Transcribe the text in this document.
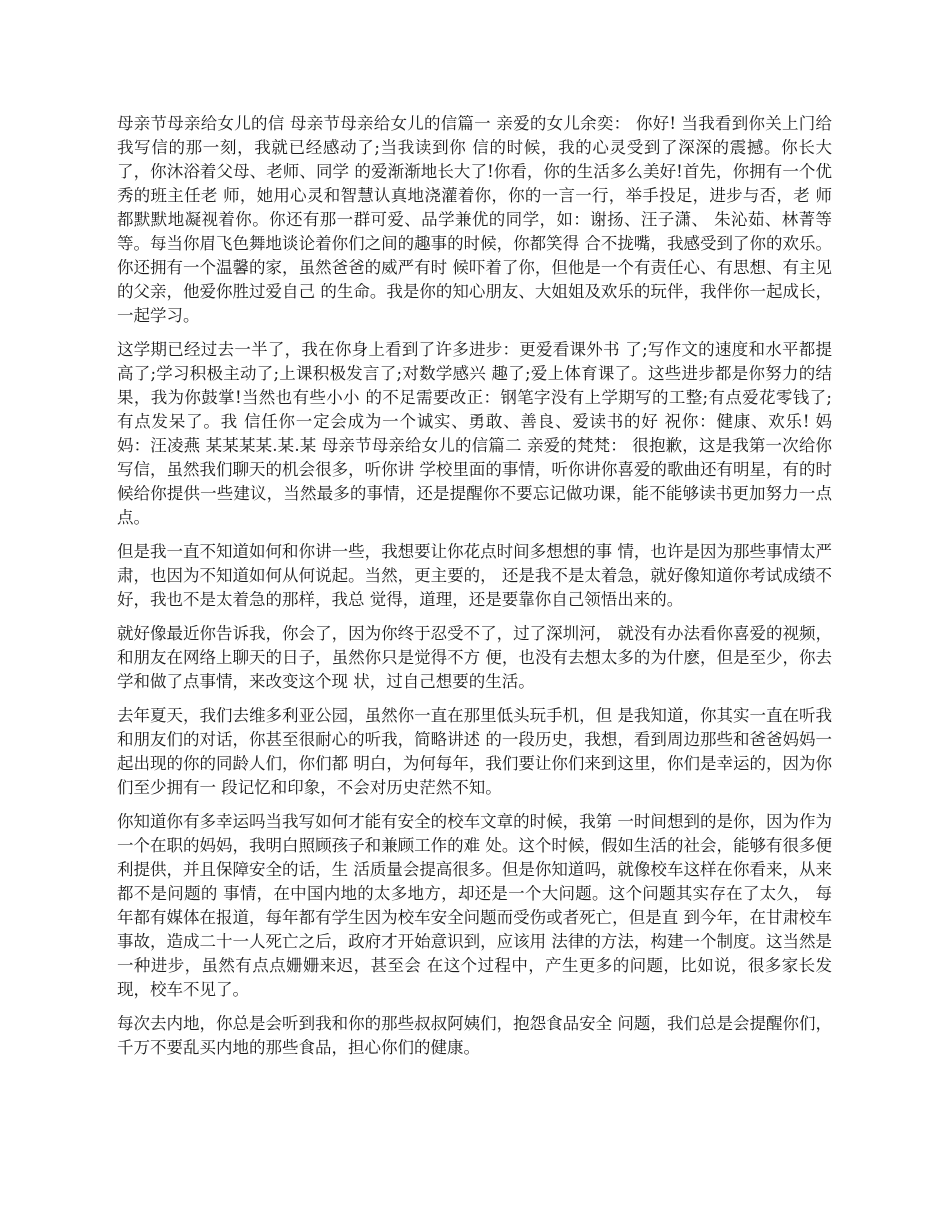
母亲节母亲给女儿的信 母亲节母亲给女儿的信篇一 亲爱的女儿余奕： 你好! 当我看到你关上门给我写信的那一刻，我就已经感动了;当我读到你 信的时候，我的心灵受到了深深的震撼。你长大了，你沐浴着父母、老师、同学 的爱渐渐地长大了!你看，你的生活多么美好!首先，你拥有一个优秀的班主任老 师，她用心灵和智慧认真地浇灌着你，你的一言一行，举手投足，进步与否，老 师都默默地凝视着你。你还有那一群可爱、品学兼优的同学，如：谢扬、汪子潇、 朱沁茹、林菁等等。每当你眉飞色舞地谈论着你们之间的趣事的时候，你都笑得 合不拢嘴，我感受到了你的欢乐。你还拥有一个温馨的家，虽然爸爸的威严有时 候吓着了你，但他是一个有责任心、有思想、有主见的父亲，他爱你胜过爱自己 的生命。我是你的知心朋友、大姐姐及欢乐的玩伴，我伴你一起成长，一起学习。

这学期已经过去一半了，我在你身上看到了许多进步：更爱看课外书 了;写作文的速度和水平都提高了;学习积极主动了;上课积极发言了;对数学感兴 趣了;爱上体育课了。这些进步都是你努力的结果，我为你鼓掌!当然也有些小小 的不足需要改正：钢笔字没有上学期写的工整;有点爱花零钱了;有点发呆了。我 信任你一定会成为一个诚实、勇敢、善良、爱读书的好 祝你：健康、欢乐! 妈妈：汪凌燕 某某某某.某.某 母亲节母亲给女儿的信篇二 亲爱的梵梵： 很抱歉，这是我第一次给你写信，虽然我们聊天的机会很多，听你讲 学校里面的事情，听你讲你喜爱的歌曲还有明星，有的时候给你提供一些建议，当然最多的事情，还是提醒你不要忘记做功课，能不能够读书更加努力一点点。

但是我一直不知道如何和你讲一些，我想要让你花点时间多想想的事 情，也许是因为那些事情太严肃，也因为不知道如何从何说起。当然，更主要的， 还是我不是太着急，就好像知道你考试成绩不好，我也不是太着急的那样，我总 觉得，道理，还是要靠你自己领悟出来的。

就好像最近你告诉我，你会了，因为你终于忍受不了，过了深圳河， 就没有办法看你喜爱的视频，和朋友在网络上聊天的日子，虽然你只是觉得不方 便，也没有去想太多的为什麽，但是至少，你去学和做了点事情，来改变这个现 状，过自己想要的生活。

去年夏天，我们去维多利亚公园，虽然你一直在那里低头玩手机，但 是我知道，你其实一直在听我和朋友们的对话，你甚至很耐心的听我，简略讲述 的一段历史，我想，看到周边那些和爸爸妈妈一起出现的你的同龄人们，你们都 明白，为何每年，我们要让你们来到这里，你们是幸运的，因为你们至少拥有一 段记忆和印象，不会对历史茫然不知。

你知道你有多幸运吗当我写如何才能有安全的校车文章的时候，我第 一时间想到的是你，因为作为一个在职的妈妈，我明白照顾孩子和兼顾工作的难 处。这个时候，假如生活的社会，能够有很多便利提供，并且保障安全的话，生 活质量会提高很多。但是你知道吗，就像校车这样在你看来，从来都不是问题的 事情，在中国内地的太多地方，却还是一个大问题。这个问题其实存在了太久， 每年都有媒体在报道，每年都有学生因为校车安全问题而受伤或者死亡，但是直 到今年，在甘肃校车事故，造成二十一人死亡之后，政府才开始意识到，应该用 法律的方法，构建一个制度。这当然是一种进步，虽然有点点姗姗来迟，甚至会 在这个过程中，产生更多的问题，比如说，很多家长发现，校车不见了。

每次去内地，你总是会听到我和你的那些叔叔阿姨们，抱怨食品安全 问题，我们总是会提醒你们，千万不要乱买内地的那些食品，担心你们的健康。
